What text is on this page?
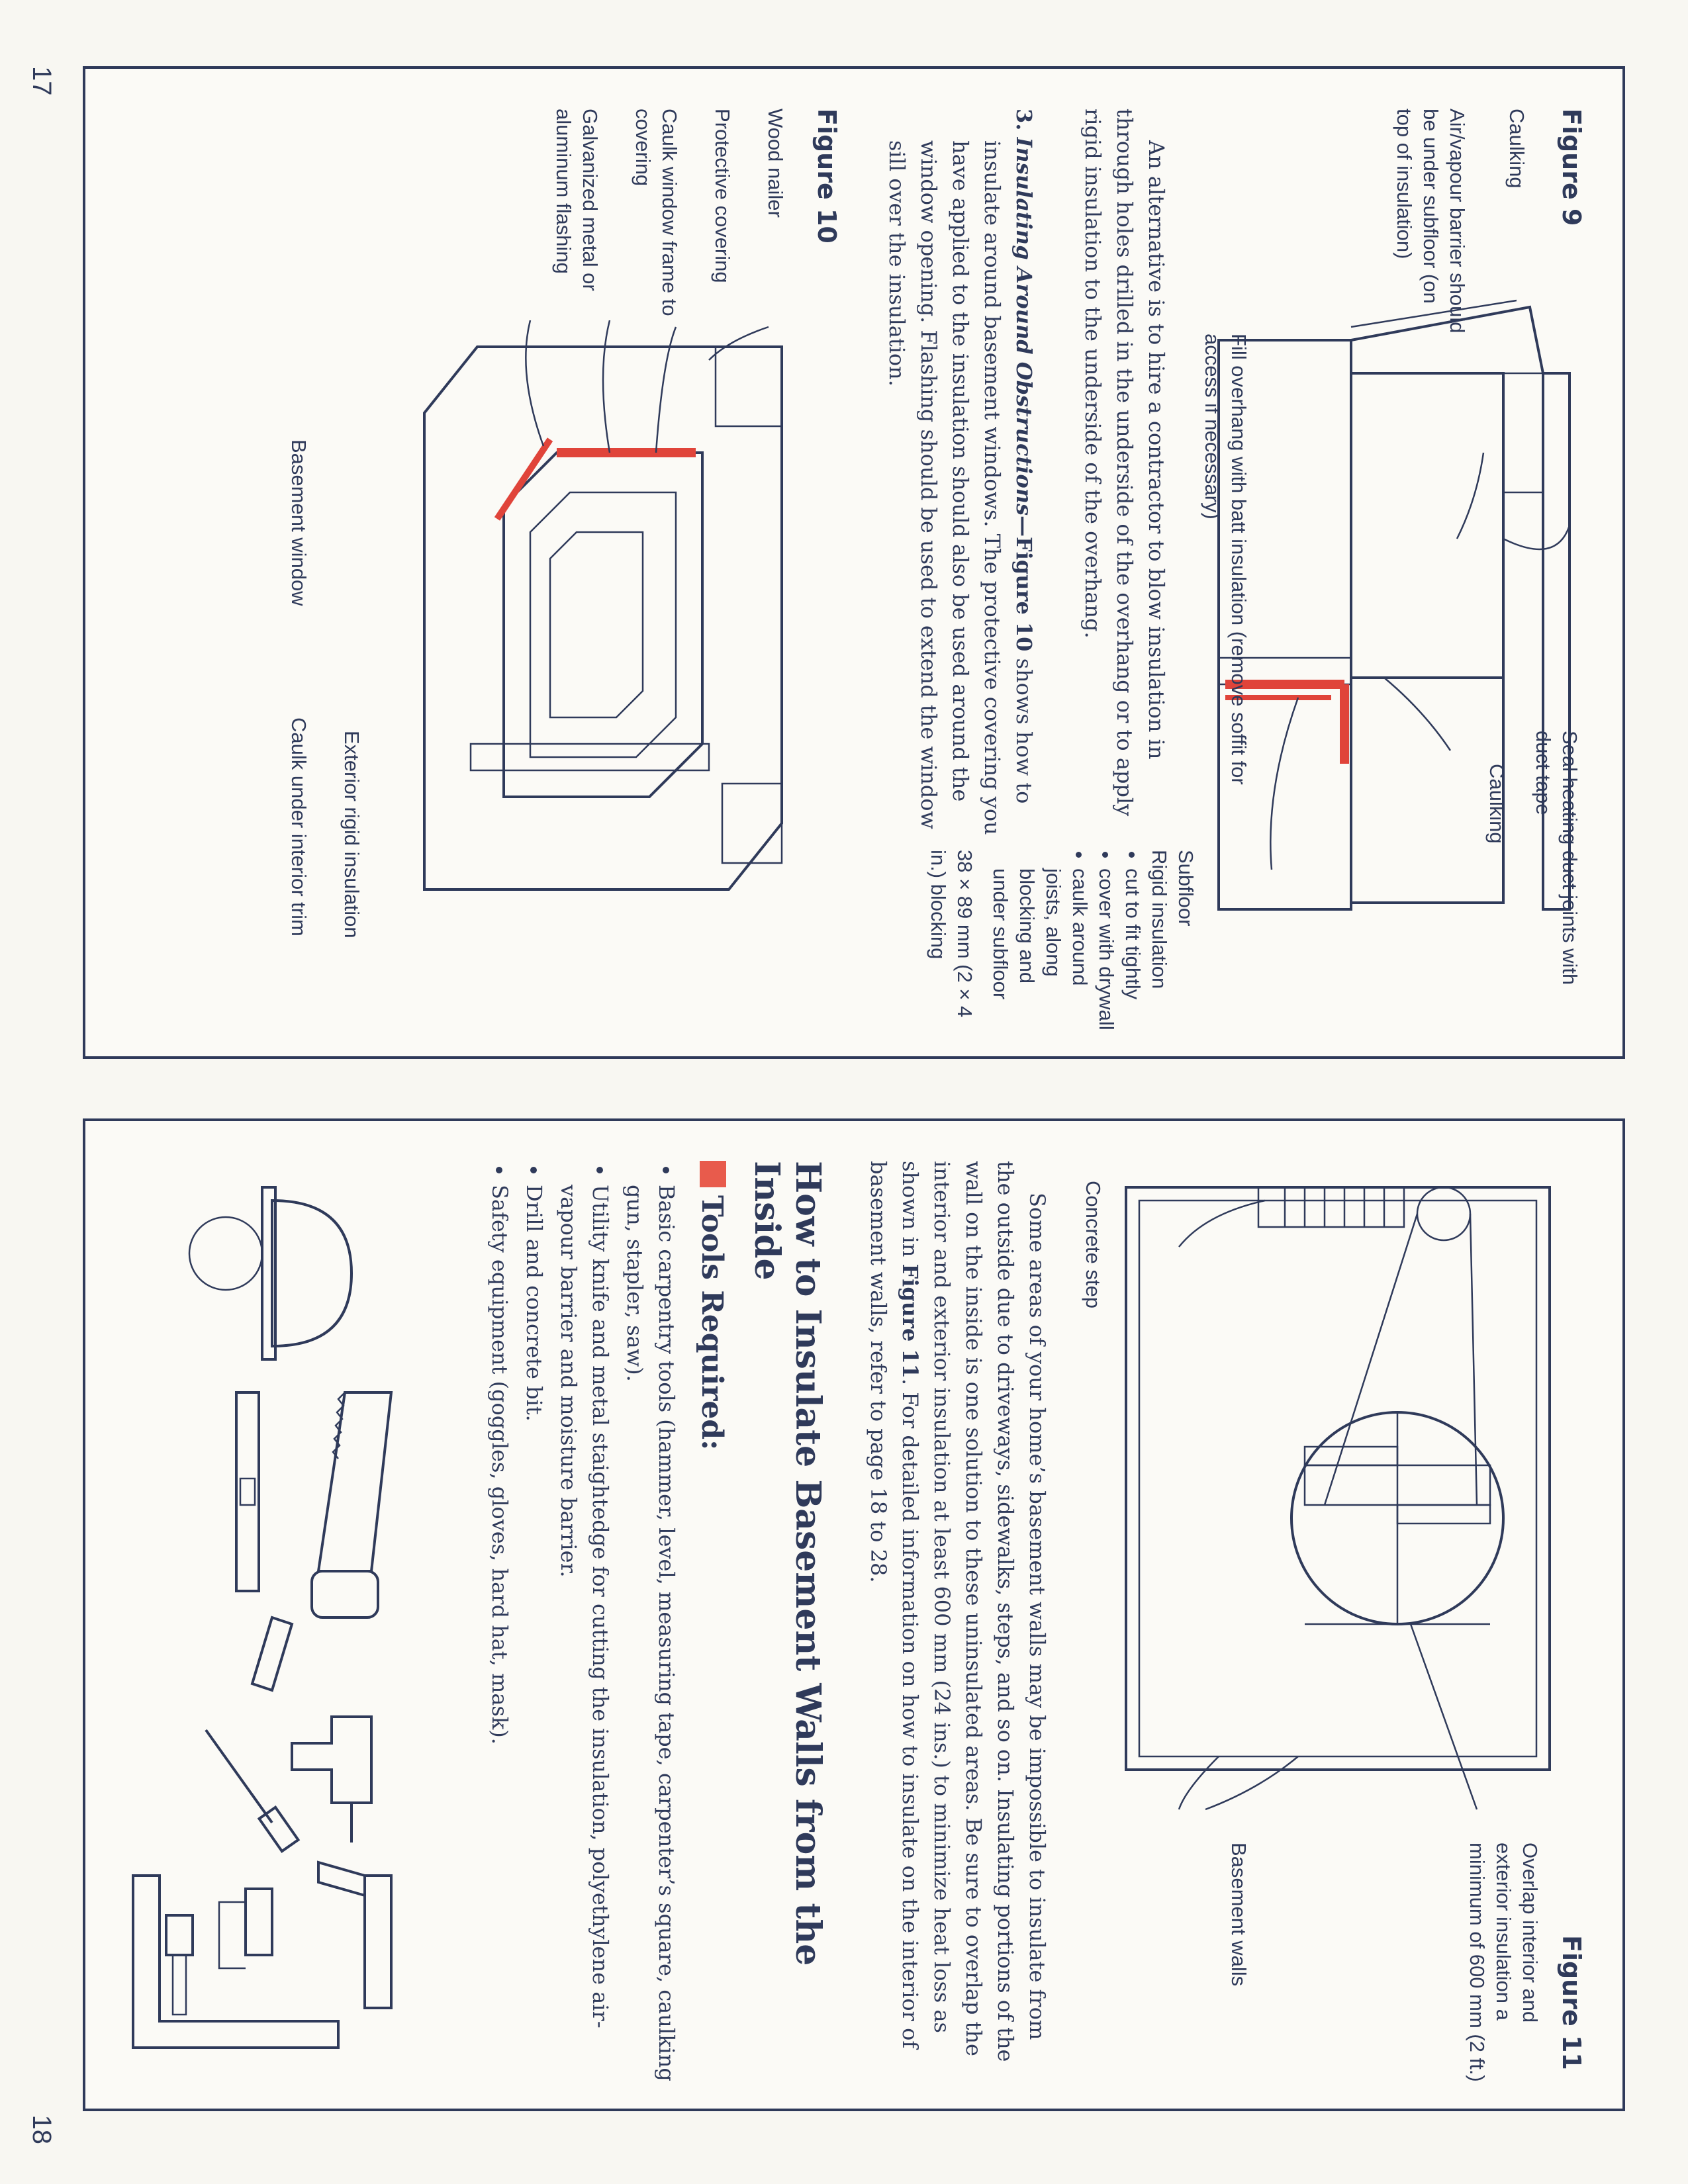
17
18
Figure 9
Seal heating duct joints with duct tape
Caulking
Caulking
Air/vapour barrier should be under subfloor (on top of insulation)
Fill overhang with batt insulation (remove soffit for access if necessary)
Subfloor
Rigid insulation
• cut to fit tightly
• cover with drywall
• caulk around joists, along blocking and under subfloor
38 × 89 mm (2 × 4 in.) blocking

An alternative is to hire a contractor to blow insulation in through holes drilled in the underside of the overhang or to apply rigid insulation to the underside of the overhang.

3. Insulating Around Obstructions—Figure 10 shows how to insulate around basement windows. The protective covering you have applied to the insulation should also be used around the window opening. Flashing should be used to extend the window sill over the insulation.

Figure 10
Wood nailer
Protective covering
Caulk window frame to covering
Galvanized metal or aluminum flashing
Exterior rigid insulation
Basement window
Caulk under interior trim
Figure 11
Overlap interior and exterior insulation a minimum of 600 mm (2 ft.)
Basement walls
Concrete step

Some areas of your home’s basement walls may be impossible to insulate from the outside due to driveways, sidewalks, steps, and so on. Insulating portions of the wall on the inside is one solution to these uninsulated areas. Be sure to overlap the interior and exterior insulation at least 600 mm (24 ins.) to minimize heat loss as shown in Figure 11. For detailed information on how to insulate on the interior of basement walls, refer to page 18 to 28.

How to Insulate Basement Walls from the Inside
Tools Required:
• Basic carpentry tools (hammer, level, measuring tape, carpenter’s square, caulking gun, stapler, saw).
• Utility knife and metal staightedge for cutting the insulation, polyethylene air-vapour barrier and moisture barrier.
• Drill and concrete bit.
• Safety equipment (goggles, gloves, hard hat, mask).
